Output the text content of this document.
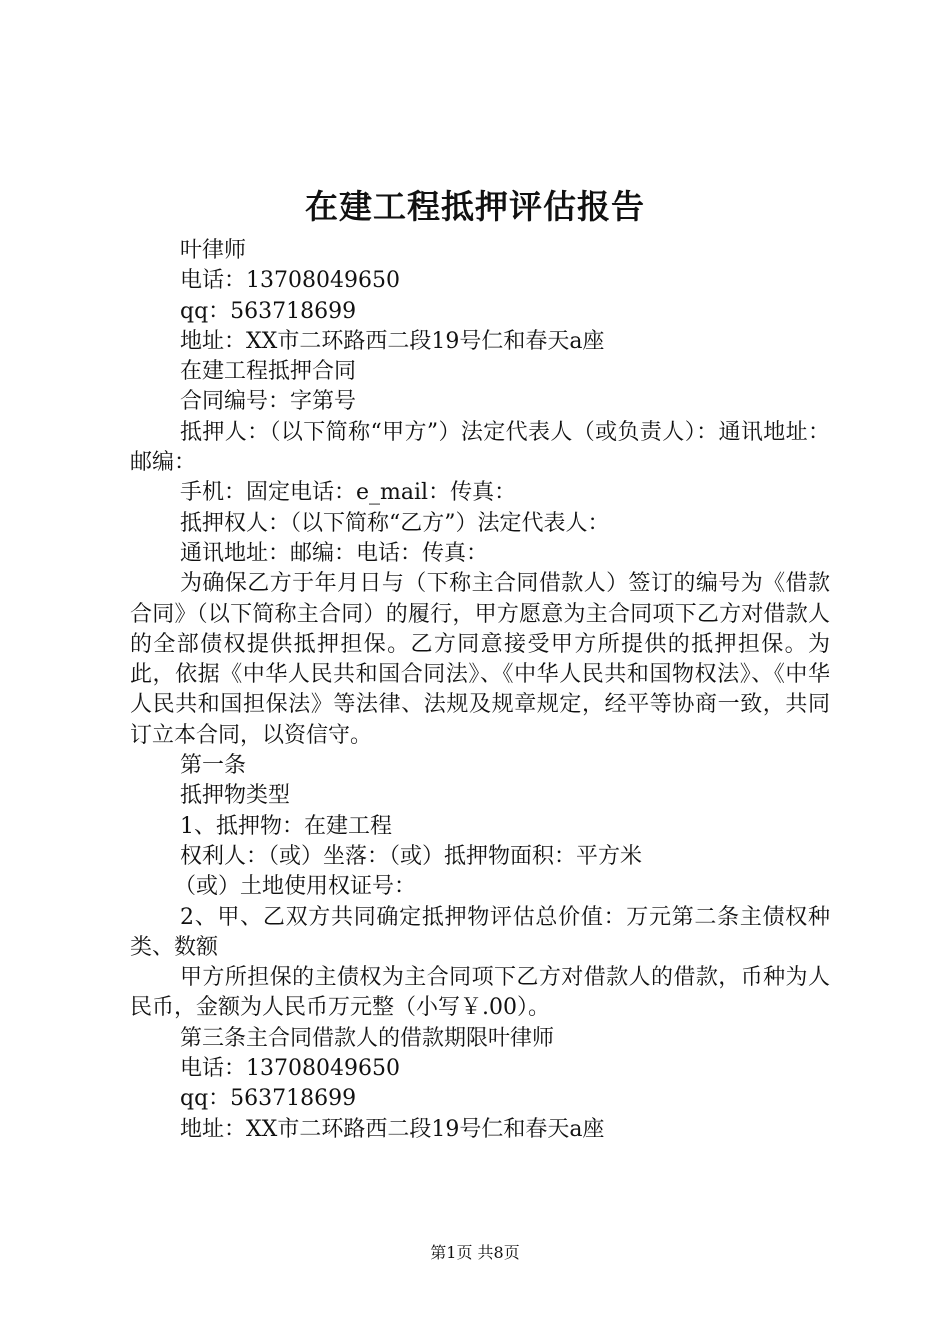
在建工程抵押评估报告
叶律师
电话：13708049650
qq：563718699
地址：XX市二环路西二段19号仁和春天a座
在建工程抵押合同
合同编号：字第号
抵押人：（以下简称“甲方”）法定代表人（或负责人）：通讯地址：邮编：
手机：固定电话：e_mail：传真：
抵押权人：（以下简称“乙方”）法定代表人：
通讯地址：邮编：电话：传真：
为确保乙方于年月日与（下称主合同借款人）签订的编号为《借款合同》（以下简称主合同）的履行，甲方愿意为主合同项下乙方对借款人的全部债权提供抵押担保。乙方同意接受甲方所提供的抵押担保。为此，依据《中华人民共和国合同法》、《中华人民共和国物权法》、《中华人民共和国担保法》等法律、法规及规章规定，经平等协商一致，共同订立本合同，以资信守。
第一条
抵押物类型
1、抵押物：在建工程
权利人：（或）坐落：（或）抵押物面积：平方米
（或）土地使用权证号：
2、甲、乙双方共同确定抵押物评估总价值：万元第二条主债权种类、数额
甲方所担保的主债权为主合同项下乙方对借款人的借款，币种为人民币，金额为人民币万元整（小写￥.00）。
第三条主合同借款人的借款期限叶律师
电话：13708049650
qq：563718699
地址：XX市二环路西二段19号仁和春天a座
第1页 共8页
